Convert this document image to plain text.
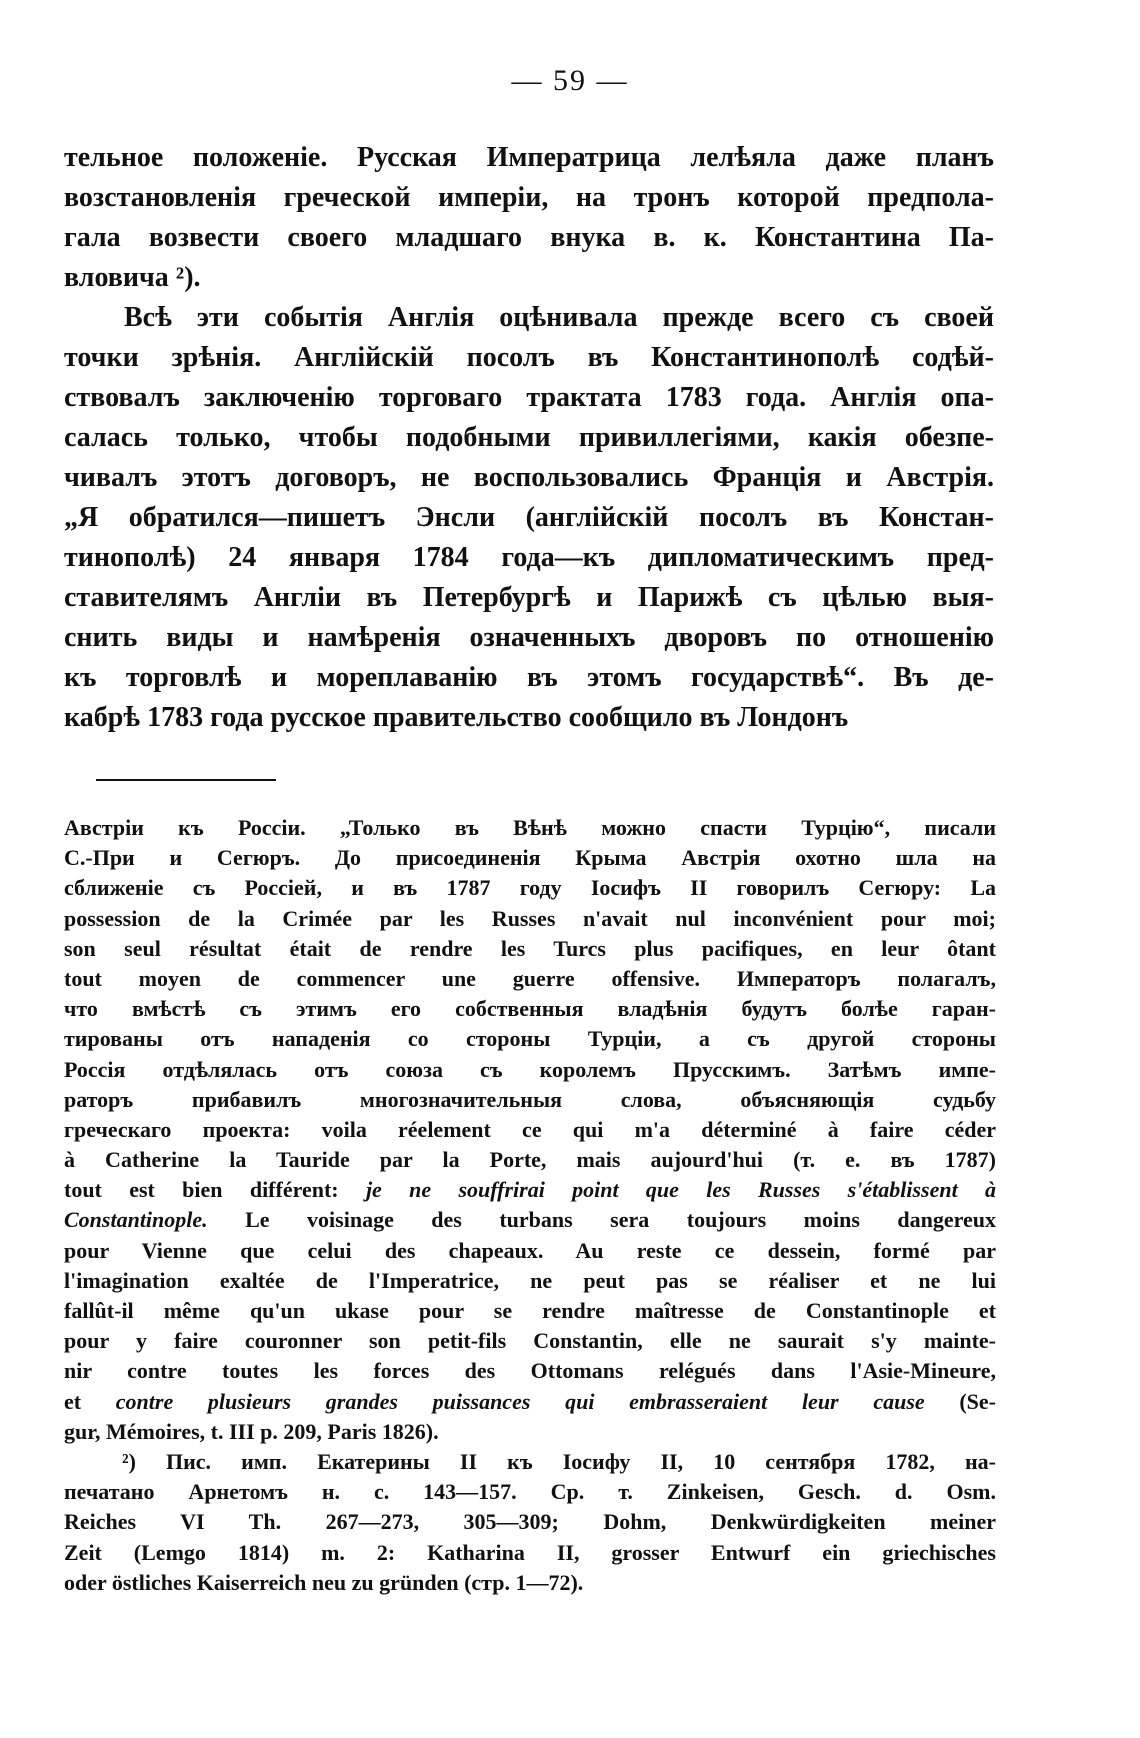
— 59 —
тельное положеніе. Русская Императрица лелѣяла даже планъ
возстановленія греческой имперіи, на тронъ которой предпола-
гала возвести своего младшаго внука в. к. Константина Па-
вловича ²).
Всѣ эти событія Англія оцѣнивала прежде всего съ своей
точки зрѣнія. Англійскій посолъ въ Константинополѣ содѣй-
ствовалъ заключенію торговаго трактата 1783 года. Англія опа-
салась только, чтобы подобными привиллегіями, какія обезпе-
чивалъ этотъ договоръ, не воспользовались Франція и Австрія.
„Я обратился—пишетъ Энсли (англійскій посолъ въ Констан-
тинополѣ) 24 января 1784 года—къ дипломатическимъ пред-
ставителямъ Англіи въ Петербургѣ и Парижѣ съ цѣлью выя-
снить виды и намѣренія означенныхъ дворовъ по отношенію
къ торговлѣ и мореплаванію въ этомъ государствѣ“. Въ де-
кабрѣ 1783 года русское правительство сообщило въ Лондонъ
Австріи къ Россіи. „Только въ Вѣнѣ можно спасти Турцію“, писали
С.-При и Сегюръ. До присоединенія Крыма Австрія охотно шла на
сближеніе съ Россіей, и въ 1787 году Іосифъ II говорилъ Сегюру: La
possession de la Crimée par les Russes n'avait nul inconvénient pour moi;
son seul résultat était de rendre les Turcs plus pacifiques, en leur ôtant
tout moyen de commencer une guerre offensive. Императоръ полагалъ,
что вмѣстѣ съ этимъ его собственныя владѣнія будутъ болѣе гаран-
тированы отъ нападенія со стороны Турціи, а съ другой стороны
Россія отдѣлялась отъ союза съ королемъ Прусскимъ. Затѣмъ импе-
раторъ прибавилъ многозначительныя слова, объясняющія судьбу
греческаго проекта: voila réelement ce qui m'a déterminé à faire céder
à Catherine la Tauride par la Porte, mais aujourd'hui (т. е. въ 1787)
tout est bien différent: je ne souffrirai point que les Russes s'établissent à
Constantinople. Le voisinage des turbans sera toujours moins dangereux
pour Vienne que celui des chapeaux. Au reste ce dessein, formé par
l'imagination exaltée de l'Imperatrice, ne peut pas se réaliser et ne lui
fallût-il même qu'un ukase pour se rendre maîtresse de Constantinople et
pour y faire couronner son petit-fils Constantin, elle ne saurait s'y mainte-
nir contre toutes les forces des Ottomans relégués dans l'Asie-Mineure,
et contre plusieurs grandes puissances qui embrasseraient leur cause (Se-
gur, Mémoires, t. III p. 209, Paris 1826).
²) Пис. имп. Екатерины II къ Іосифу II, 10 сентября 1782, на-
печатано Арнетомъ н. с. 143—157. Ср. т. Zinkeisen, Gesch. d. Osm.
Reiches VI Th. 267—273, 305—309; Dohm, Denkwürdigkeiten meiner
Zeit (Lemgo 1814) m. 2: Katharina II, grosser Entwurf ein griechisches
oder östliches Kaiserreich neu zu gründen (стр. 1—72).
